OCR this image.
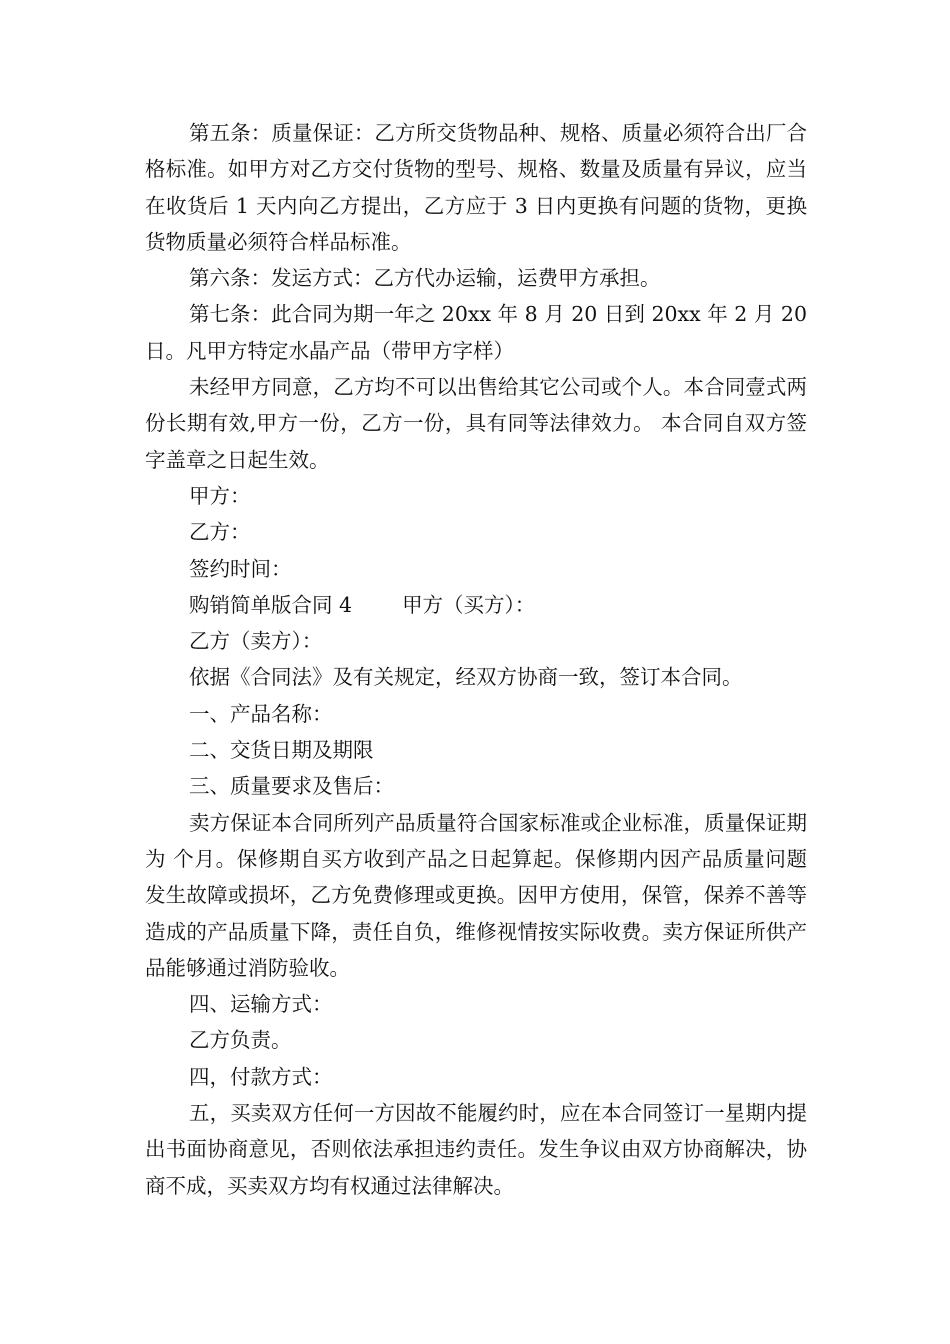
第五条：质量保证：乙方所交货物品种、规格、质量必须符合出厂合格标准。如甲方对乙方交付货物的型号、规格、数量及质量有异议，应当在收货后 1 天内向乙方提出，乙方应于 3 日内更换有问题的货物，更换货物质量必须符合样品标准。

第六条：发运方式：乙方代办运输，运费甲方承担。

第七条：此合同为期一年之 20xx 年 8 月 20 日到 20xx 年 2 月 20 日。凡甲方特定水晶产品（带甲方字样）

未经甲方同意，乙方均不可以出售给其它公司或个人。本合同壹式两份长期有效,甲方一份，乙方一份，具有同等法律效力。 本合同自双方签字盖章之日起生效。

甲方：

乙方：

签约时间：

购销简单版合同 4 甲方（买方）：

乙方（卖方）：

依据《合同法》及有关规定，经双方协商一致，签订本合同。

一、产品名称：

二、交货日期及期限

三、质量要求及售后：

卖方保证本合同所列产品质量符合国家标准或企业标准，质量保证期为 个月。保修期自买方收到产品之日起算起。保修期内因产品质量问题发生故障或损坏，乙方免费修理或更换。因甲方使用，保管，保养不善等造成的产品质量下降，责任自负，维修视情按实际收费。卖方保证所供产品能够通过消防验收。

四、运输方式：

乙方负责。

四，付款方式：

五，买卖双方任何一方因故不能履约时，应在本合同签订一星期内提出书面协商意见，否则依法承担违约责任。发生争议由双方协商解决，协商不成，买卖双方均有权通过法律解决。
